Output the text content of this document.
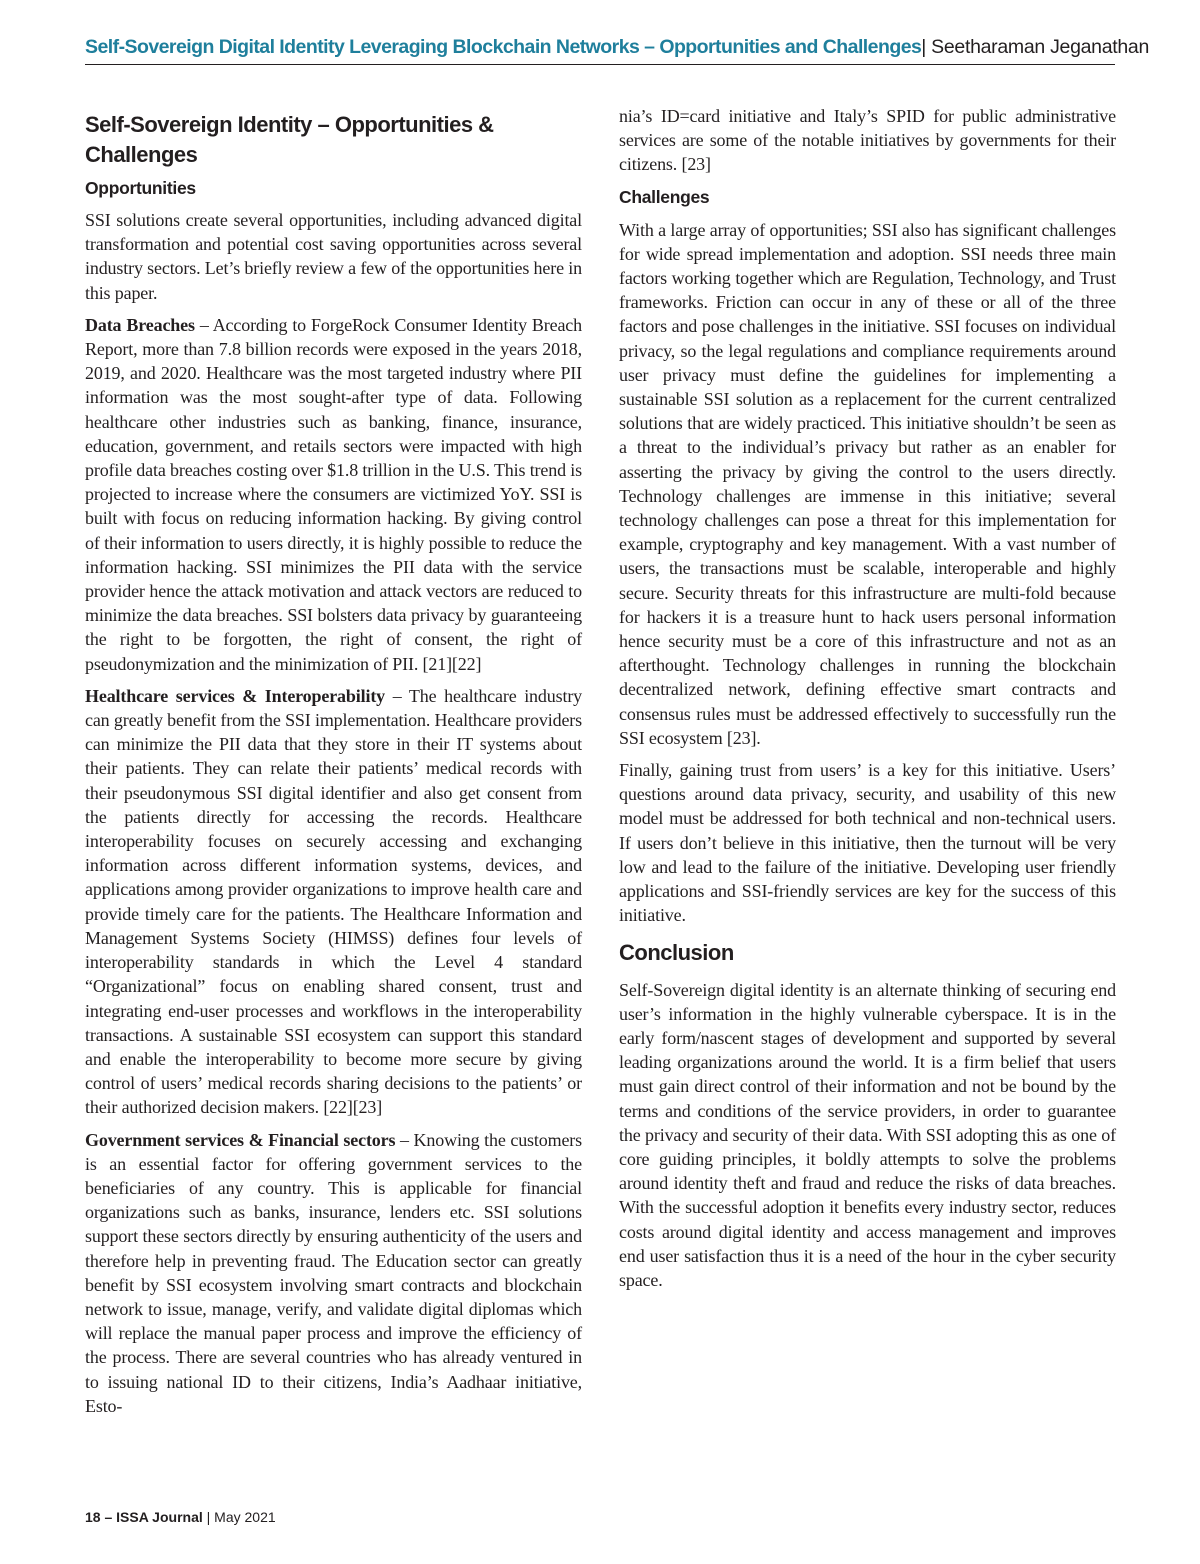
Self-Sovereign Digital Identity Leveraging Blockchain Networks – Opportunities and Challenges| Seetharaman Jeganathan
Self-Sovereign Identity – Opportunities & Challenges
Opportunities

SSI solutions create several opportunities, including advanced digital transformation and potential cost saving opportunities across several industry sectors. Let’s briefly review a few of the opportunities here in this paper.

Data Breaches – According to ForgeRock Consumer Identity Breach Report, more than 7.8 billion records were exposed in the years 2018, 2019, and 2020. Healthcare was the most targeted industry where PII information was the most sought-after type of data. Following healthcare other industries such as banking, finance, insurance, education, government, and retails sectors were impacted with high profile data breaches costing over $1.8 trillion in the U.S. This trend is projected to increase where the consumers are victimized YoY. SSI is built with focus on reducing information hacking. By giving control of their information to users directly, it is highly possible to reduce the information hacking. SSI minimizes the PII data with the service provider hence the attack motivation and attack vectors are reduced to minimize the data breaches. SSI bolsters data privacy by guaranteeing the right to be forgotten, the right of consent, the right of pseudonymization and the minimization of PII. [21][22]

Healthcare services & Interoperability – The healthcare industry can greatly benefit from the SSI implementation. Healthcare providers can minimize the PII data that they store in their IT systems about their patients. They can relate their patients’ medical records with their pseudonymous SSI digital identifier and also get consent from the patients directly for accessing the records. Healthcare interoperability focuses on securely accessing and exchanging information across different information systems, devices, and applications among provider organizations to improve health care and provide timely care for the patients. The Healthcare Information and Management Systems Society (HIMSS) defines four levels of interoperability standards in which the Level 4 standard “Organizational” focus on enabling shared consent, trust and integrating end-user processes and workflows in the interoperability transactions. A sustainable SSI ecosystem can support this standard and enable the interoperability to become more secure by giving control of users’ medical records sharing decisions to the patients’ or their authorized decision makers. [22][23]

Government services & Financial sectors – Knowing the customers is an essential factor for offering government services to the beneficiaries of any country. This is applicable for financial organizations such as banks, insurance, lenders etc. SSI solutions support these sectors directly by ensuring authenticity of the users and therefore help in preventing fraud. The Education sector can greatly benefit by SSI ecosystem involving smart contracts and blockchain network to issue, manage, verify, and validate digital diplomas which will replace the manual paper process and improve the efficiency of the process. There are several countries who has already ventured in to issuing national ID to their citizens, India’s Aadhaar initiative, Esto-

nia’s ID=card initiative and Italy’s SPID for public administrative services are some of the notable initiatives by governments for their citizens. [23]

Challenges

With a large array of opportunities; SSI also has significant challenges for wide spread implementation and adoption. SSI needs three main factors working together which are Regulation, Technology, and Trust frameworks. Friction can occur in any of these or all of the three factors and pose challenges in the initiative. SSI focuses on individual privacy, so the legal regulations and compliance requirements around user privacy must define the guidelines for implementing a sustainable SSI solution as a replacement for the current centralized solutions that are widely practiced. This initiative shouldn’t be seen as a threat to the individual’s privacy but rather as an enabler for asserting the privacy by giving the control to the users directly. Technology challenges are immense in this initiative; several technology challenges can pose a threat for this implementation for example, cryptography and key management. With a vast number of users, the transactions must be scalable, interoperable and highly secure. Security threats for this infrastructure are multi-fold because for hackers it is a treasure hunt to hack users personal information hence security must be a core of this infrastructure and not as an afterthought. Technology challenges in running the blockchain decentralized network, defining effective smart contracts and consensus rules must be addressed effectively to successfully run the SSI ecosystem [23].

Finally, gaining trust from users’ is a key for this initiative. Users’ questions around data privacy, security, and usability of this new model must be addressed for both technical and non-technical users. If users don’t believe in this initiative, then the turnout will be very low and lead to the failure of the initiative. Developing user friendly applications and SSI-friendly services are key for the success of this initiative.

Conclusion

Self-Sovereign digital identity is an alternate thinking of securing end user’s information in the highly vulnerable cyberspace. It is in the early form/nascent stages of development and supported by several leading organizations around the world. It is a firm belief that users must gain direct control of their information and not be bound by the terms and conditions of the service providers, in order to guarantee the privacy and security of their data. With SSI adopting this as one of core guiding principles, it boldly attempts to solve the problems around identity theft and fraud and reduce the risks of data breaches. With the successful adoption it benefits every industry sector, reduces costs around digital identity and access management and improves end user satisfaction thus it is a need of the hour in the cyber security space.

18 – ISSA Journal | May 2021
